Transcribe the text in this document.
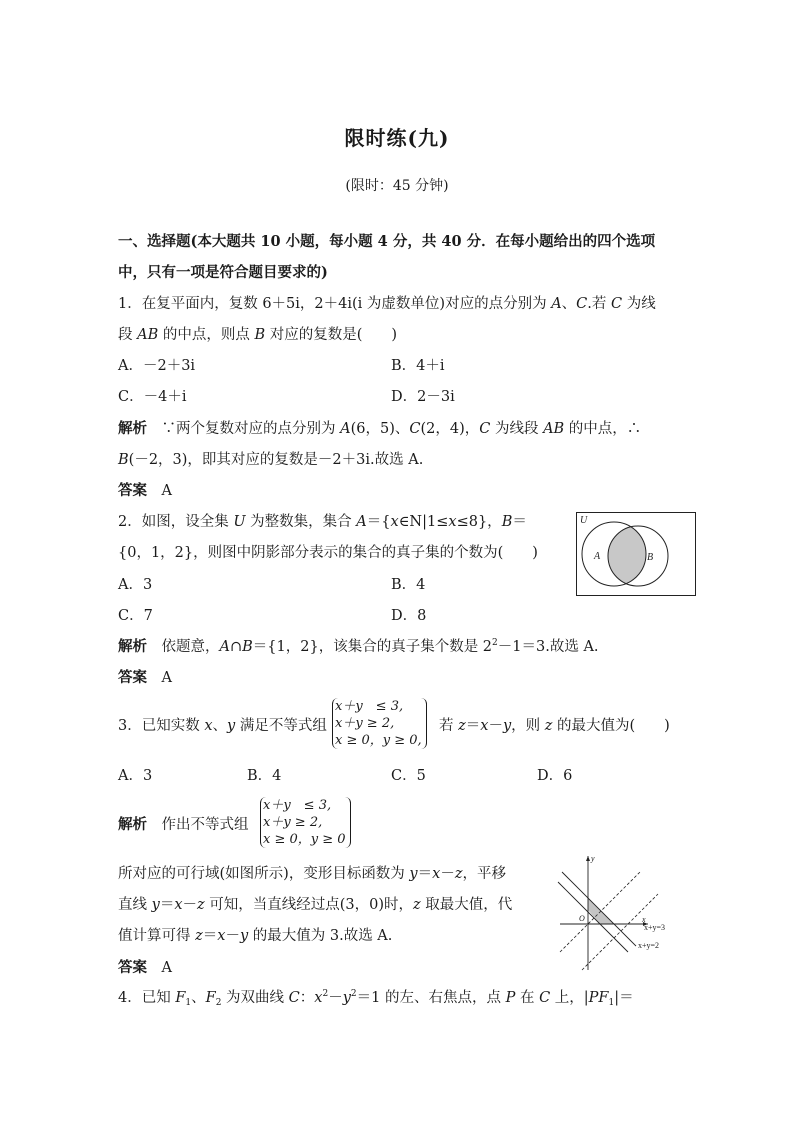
限时练(九)
(限时：45 分钟)
一、选择题(本大题共 10 小题，每小题 4 分，共 40 分．在每小题给出的四个选项
中，只有一项是符合题目要求的)
1．在复平面内，复数 6＋5i，2＋4i(i 为虚数单位)对应的点分别为 A、C.若 C 为线
段 AB 的中点，则点 B 对应的复数是(　　)
A．－2＋3i	B．4＋i
C．－4＋i	D．2－3i
解析　 ∵两个复数对应的点分别为 A(6，5)、C(2，4)，C 为线段 AB 的中点，∴
B(－2，3)，即其对应的复数是－2＋3i.故选 A.
答案　 A
2．如图，设全集 U 为整数集，集合 A＝{x∈N|1≤x≤8}，B＝
{0，1，2}，则图中阴影部分表示的集合的真子集的个数为(　　)
A．3	B．4
C．7	D．8
U
A	B
解析　 依题意，A∩B＝{1，2}，该集合的真子集个数是 $2^2-1=3$.故选 A.
答案　 A
3．已知实数 x、y 满足不等式组
x＋y　≤ 3,
x＋y ≥ 2,
x ≥ 0，y ≥ 0,
若 z＝x－y，则 z 的最大值为(　　)
A．3	B．4	C．5	D．6
解析　 作出不等式组
x＋y　≤ 3,
x＋y ≥ 2,
x ≥ 0，y ≥ 0
所对应的可行域(如图所示)，变形目标函数为 y＝x－z，平移
直线 y＝x－z 可知，当直线经过点(3，0)时，z 取最大值，代
值计算可得 z＝x－y 的最大值为 3.故选 A.
y
x
O
x+y=3
x+y=2
答案　 A
4．已知 $F_1$、$F_2$ 为双曲线 C：$x^2-y^2=1$ 的左、右焦点，点 P 在 C 上，$|PF_1|=$
